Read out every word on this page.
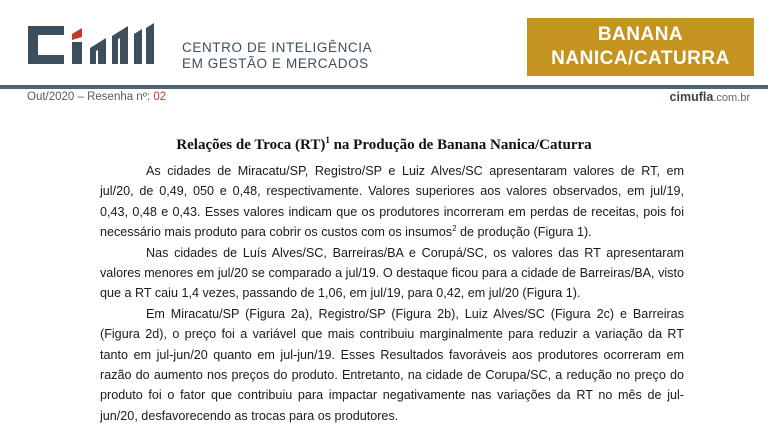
CENTRO DE INTELIGÊNCIA
EM GESTÃO E MERCADOS
BANANA
NANICA/CATURRA
Out/2020 – Resenha nº: 02	cimufla.com.br
Relações de Troca (RT)$^1$ na Produção de Banana Nanica/Caturra

As cidades de Miracatu/SP, Registro/SP e Luiz Alves/SC apresentaram valores de RT, em jul/20, de 0,49, 050 e 0,48, respectivamente. Valores superiores aos valores observados, em jul/19, 0,43, 0,48 e 0,43. Esses valores indicam que os produtores incorreram em perdas de receitas, pois foi necessário mais produto para cobrir os custos com os insumos$^2$ de produção (Figura 1).

Nas cidades de Luís Alves/SC, Barreiras/BA e Corupá/SC, os valores das RT apresentaram valores menores em jul/20 se comparado a jul/19. O destaque ficou para a cidade de Barreiras/BA, visto que a RT caiu 1,4 vezes, passando de 1,06, em jul/19, para 0,42, em jul/20 (Figura 1).

Em Miracatu/SP (Figura 2a), Registro/SP (Figura 2b), Luiz Alves/SC (Figura 2c) e Barreiras (Figura 2d), o preço foi a variável que mais contribuiu marginalmente para reduzir a variação da RT tanto em jul-jun/20 quanto em jul-jun/19. Esses Resultados favoráveis aos produtores ocorreram em razão do aumento nos preços do produto. Entretanto, na cidade de Corupa/SC, a redução no preço do produto foi o fator que contribuiu para impactar negativamente nas variações da RT no mês de jul-jun/20, desfavorecendo as trocas para os produtores.
